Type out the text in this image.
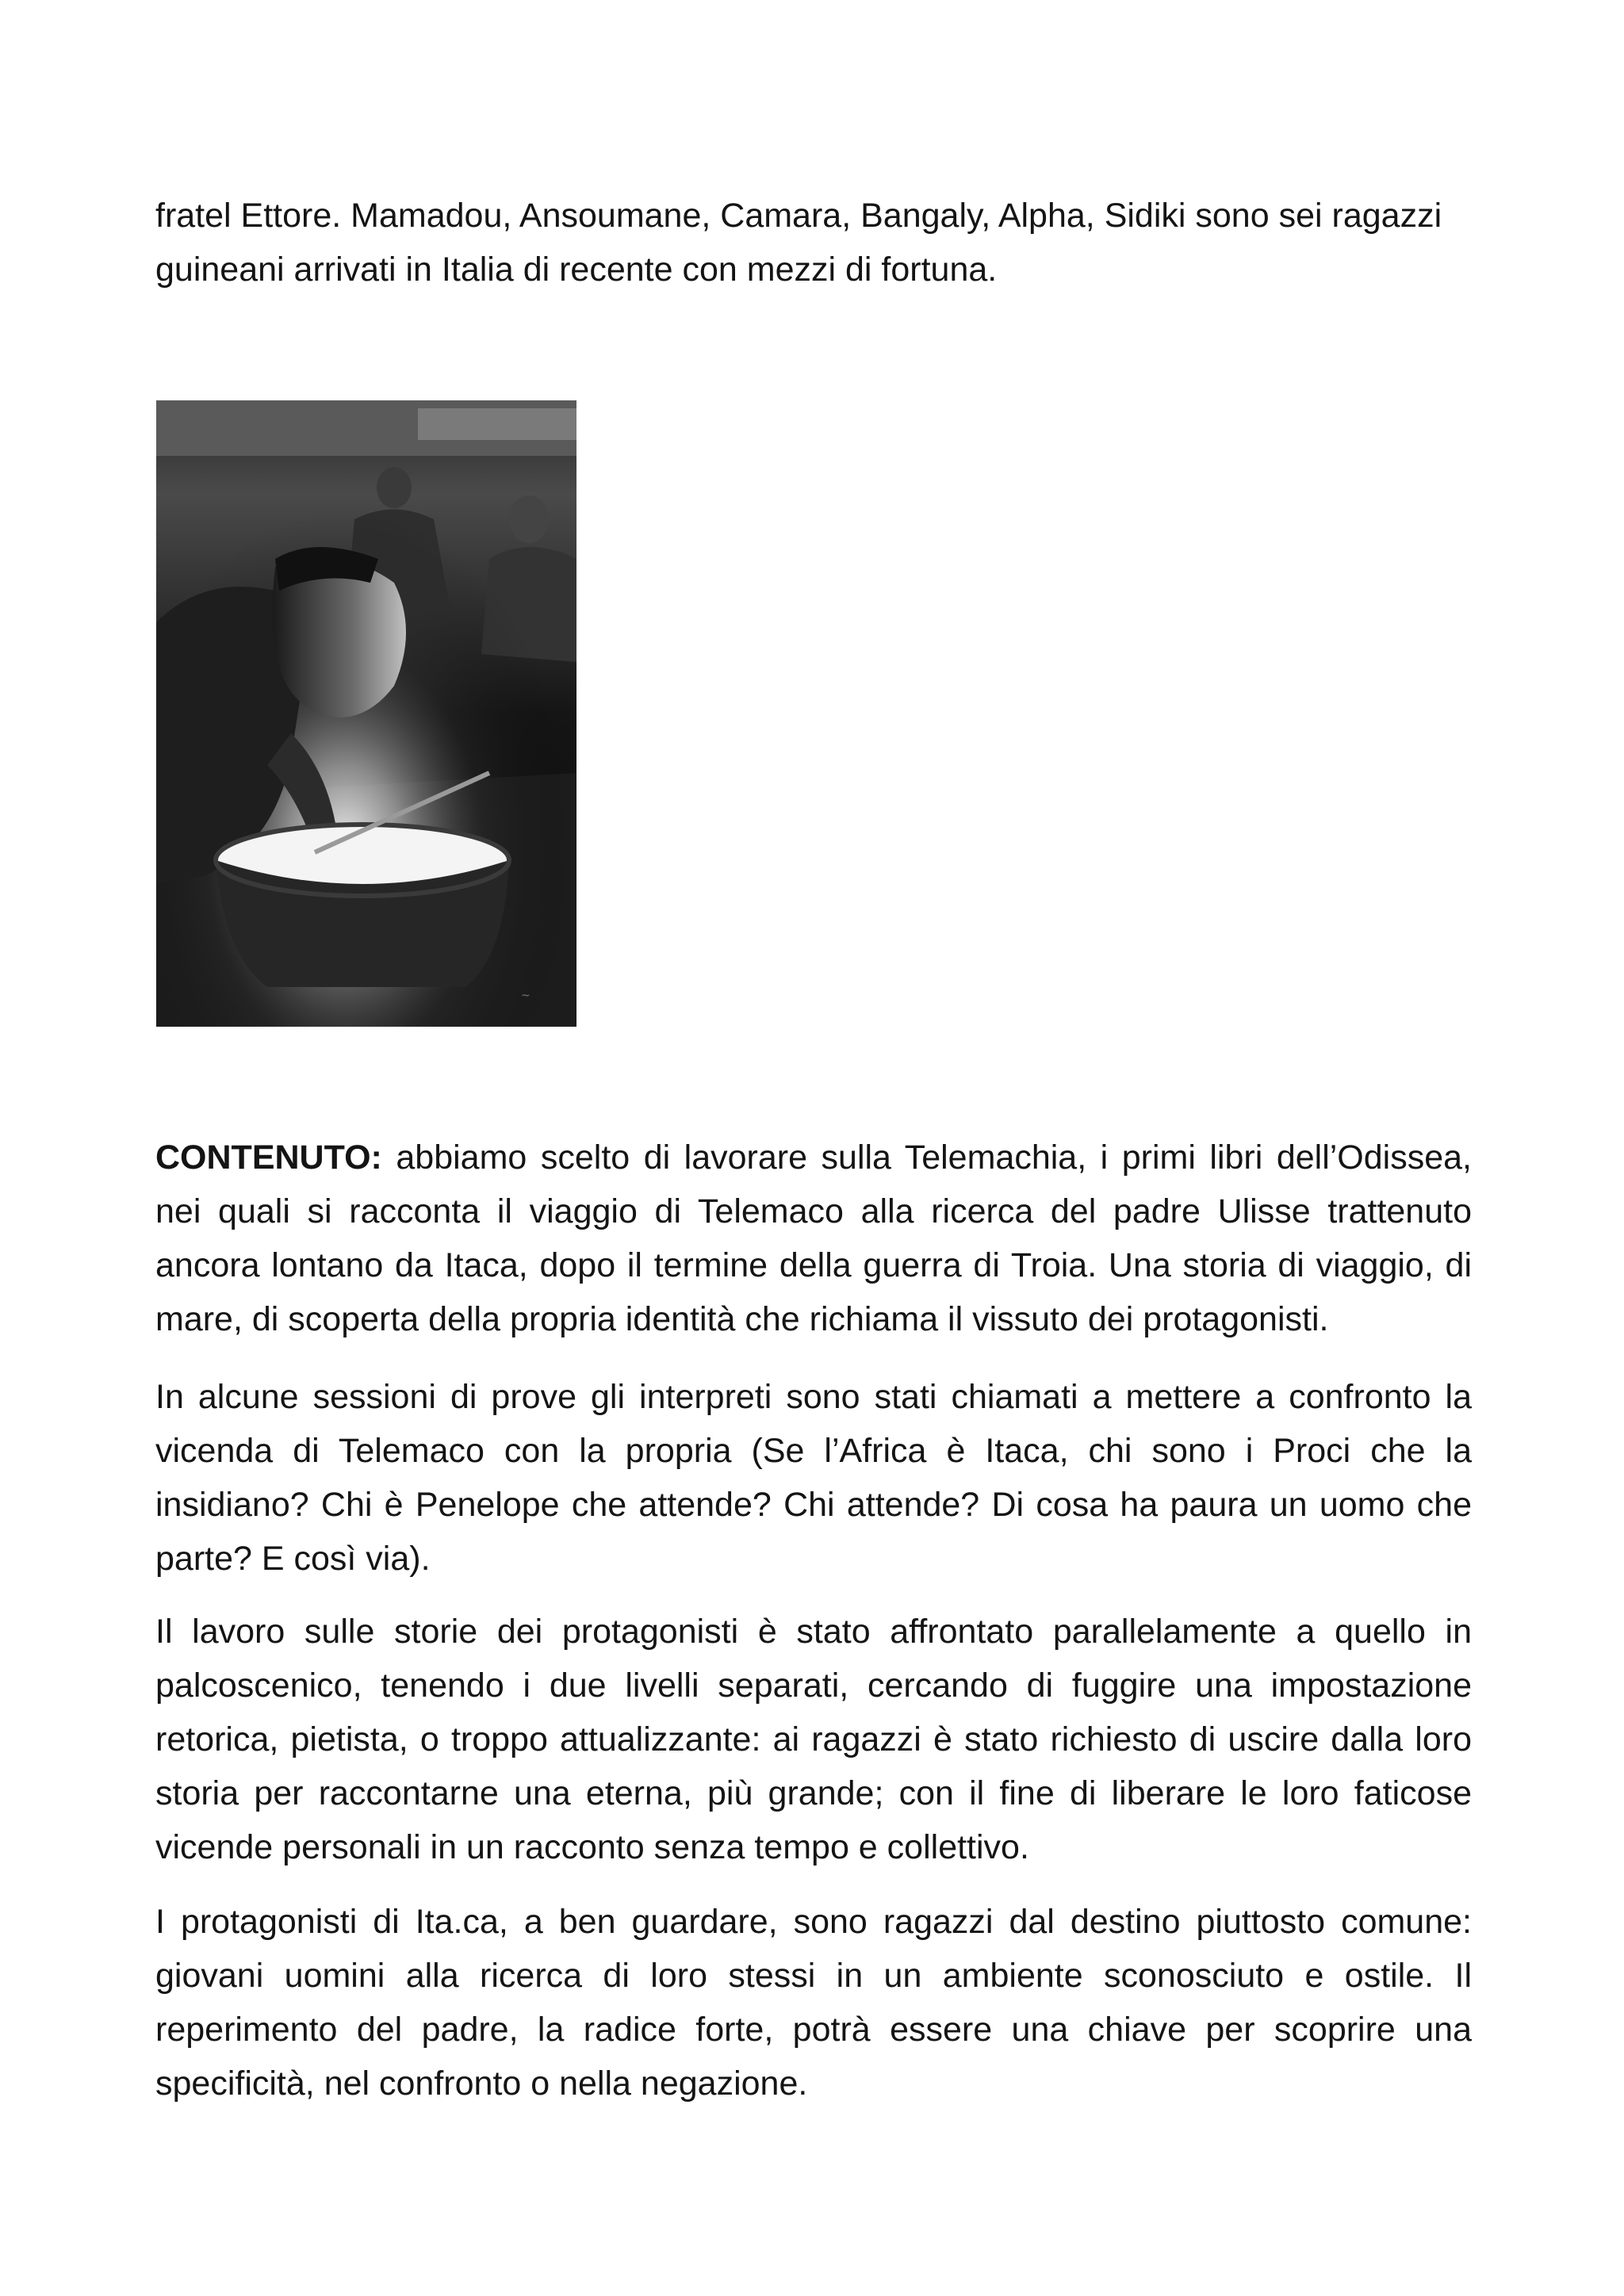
fratel Ettore. Mamadou, Ansoumane, Camara, Bangaly, Alpha, Sidiki sono sei ragazzi guineani arrivati in Italia di recente con mezzi di fortuna.

~

CONTENUTO: abbiamo scelto di lavorare sulla Telemachia, i primi libri dell’Odissea, nei quali si racconta il viaggio di Telemaco alla ricerca del padre Ulisse trattenuto ancora lontano da Itaca, dopo il termine della guerra di Troia. Una storia di viaggio, di mare, di scoperta della propria identità che richiama il vissuto dei protagonisti.

In alcune sessioni di prove gli interpreti sono stati chiamati a mettere a confronto la vicenda di Telemaco con la propria (Se l’Africa è Itaca, chi sono i Proci che la insidiano? Chi è Penelope che attende? Chi attende? Di cosa ha paura un uomo che parte? E così via).

Il lavoro sulle storie dei protagonisti è stato affrontato parallelamente a quello in palcoscenico, tenendo i due livelli separati, cercando di fuggire una impostazione retorica, pietista, o troppo attualizzante: ai ragazzi è stato richiesto di uscire dalla loro storia per raccontarne una eterna, più grande; con il fine di liberare le loro faticose vicende personali in un racconto senza tempo e collettivo.

I protagonisti di Ita.ca, a ben guardare, sono ragazzi dal destino piuttosto comune: giovani uomini alla ricerca di loro stessi in un ambiente sconosciuto e ostile. Il reperimento del padre, la radice forte, potrà essere una chiave per scoprire una specificità, nel confronto o nella negazione.
